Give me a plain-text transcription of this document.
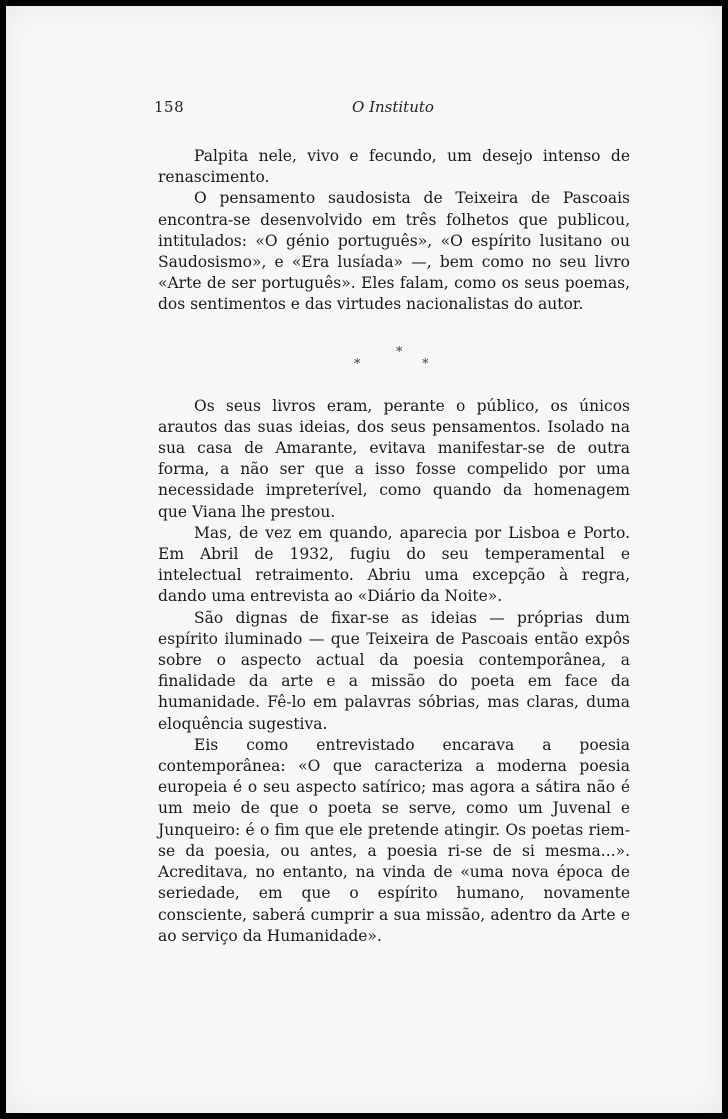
158	O Instituto

Palpita nele, vivo e fecundo, um desejo intenso de renascimento.

O pensamento saudosista de Teixeira de Pascoais encontra-se desenvolvido em três folhetos que publicou, intitulados: «O génio português», «O espírito lusitano ou Saudosismo», e «Era lusíada» —, bem como no seu livro «Arte de ser português». Eles falam, como os seus poemas, dos sentimentos e das virtudes nacionalistas do autor.

*
*	*

Os seus livros eram, perante o público, os únicos arautos das suas ideias, dos seus pensamentos. Isolado na sua casa de Amarante, evitava manifestar-se de outra forma, a não ser que a isso fosse compelido por uma necessidade impreterível, como quando da homenagem que Viana lhe prestou.

Mas, de vez em quando, aparecia por Lisboa e Porto. Em Abril de 1932, fugiu do seu temperamental e intelectual retraimento. Abriu uma excepção à regra, dando uma entrevista ao «Diário da Noite».

São dignas de fixar-se as ideias — próprias dum espírito iluminado — que Teixeira de Pascoais então expôs sobre o aspecto actual da poesia contemporânea, a finalidade da arte e a missão do poeta em face da humanidade. Fê-lo em palavras sóbrias, mas claras, duma eloquência sugestiva.

Eis como entrevistado encarava a poesia contemporânea: «O que caracteriza a moderna poesia europeia é o seu aspecto satírico; mas agora a sátira não é um meio de que o poeta se serve, como um Juvenal e Junqueiro: é o fim que ele pretende atingir. Os poetas riem-se da poesia, ou antes, a poesia ri-se de si mesma...». Acreditava, no entanto, na vinda de «uma nova época de seriedade, em que o espírito humano, novamente consciente, saberá cumprir a sua missão, adentro da Arte e ao serviço da Humanidade».
